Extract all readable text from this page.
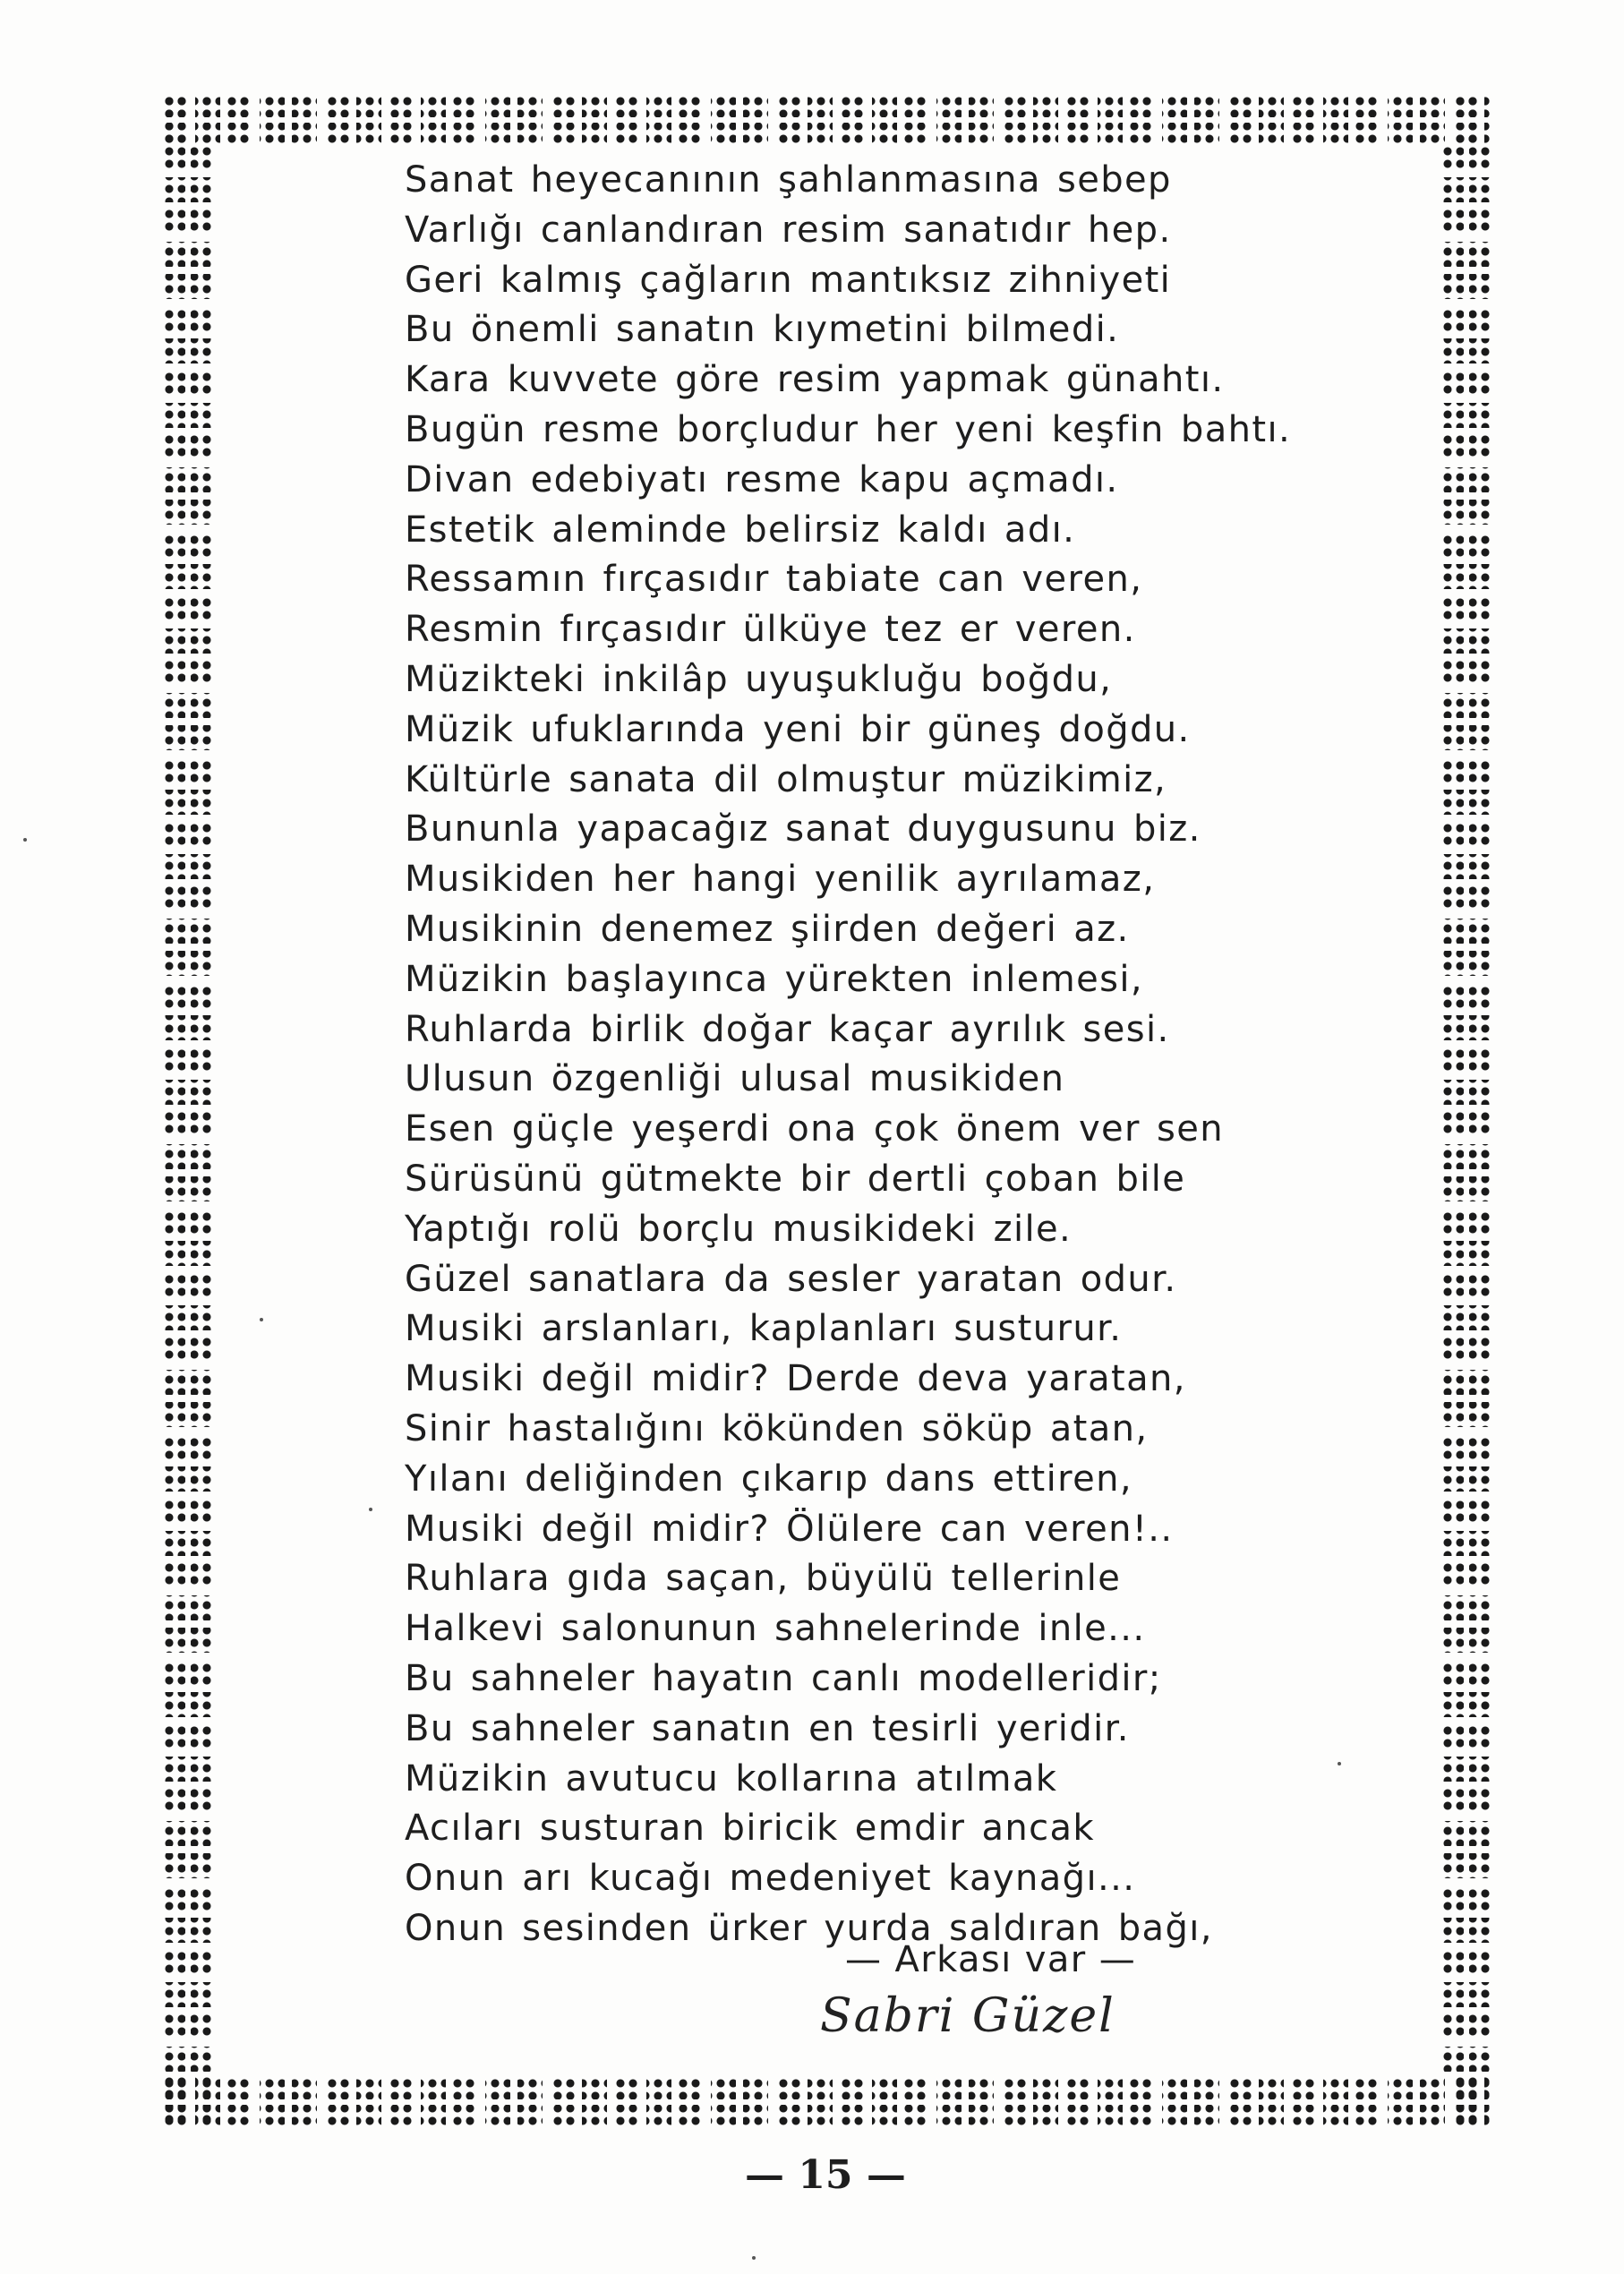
Sanat heyecanının şahlanmasına sebep
Varlığı canlandıran resim sanatıdır hep.
Geri kalmış çağların mantıksız zihniyeti
Bu önemli sanatın kıymetini bilmedi.
Kara kuvvete göre resim yapmak günahtı.
Bugün resme borçludur her yeni keşfin bahtı.
Divan edebiyatı resme kapu açmadı.
Estetik aleminde belirsiz kaldı adı.
Ressamın fırçasıdır tabiate can veren,
Resmin fırçasıdır ülküye tez er veren.
Müzikteki inkilâp uyuşukluğu boğdu,
Müzik ufuklarında yeni bir güneş doğdu.
Kültürle sanata dil olmuştur müzikimiz,
Bununla yapacağız sanat duygusunu biz.
Musikiden her hangi yenilik ayrılamaz,
Musikinin denemez şiirden değeri az.
Müzikin başlayınca yürekten inlemesi,
Ruhlarda birlik doğar kaçar ayrılık sesi.
Ulusun özgenliği ulusal musikiden
Esen güçle yeşerdi ona çok önem ver sen
Sürüsünü gütmekte bir dertli çoban bile
Yaptığı rolü borçlu musikideki zile.
Güzel sanatlara da sesler yaratan odur.
Musiki arslanları, kaplanları susturur.
Musiki değil midir? Derde deva yaratan,
Sinir hastalığını kökünden söküp atan,
Yılanı deliğinden çıkarıp dans ettiren,
Musiki değil midir? Ölülere can veren!..
Ruhlara gıda saçan, büyülü tellerinle
Halkevi salonunun sahnelerinde inle...
Bu sahneler hayatın canlı modelleridir;
Bu sahneler sanatın en tesirli yeridir.
Müzikin avutucu kollarına atılmak
Acıları susturan biricik emdir ancak
Onun arı kucağı medeniyet kaynağı...
Onun sesinden ürker yurda saldıran bağı,
— Arkası var —
Sabri Güzel
— 15 —
